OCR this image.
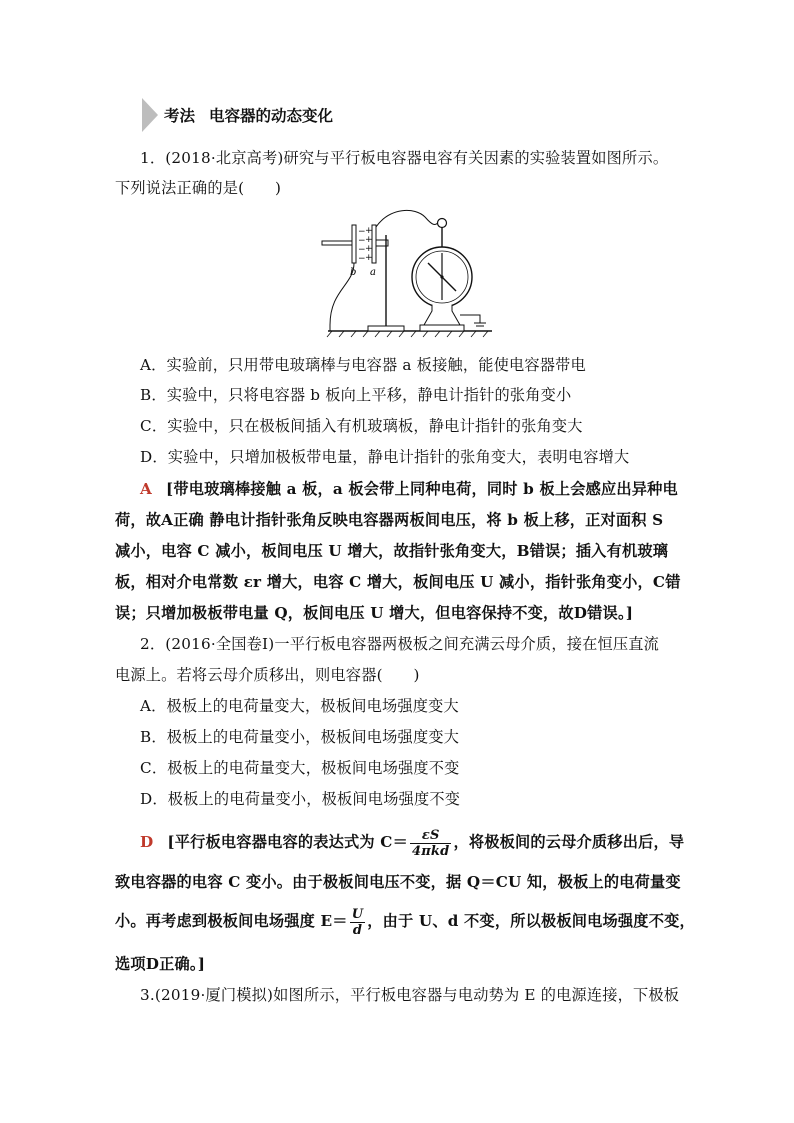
考法 电容器的动态变化
1．(2018·北京高考)研究与平行板电容器电容有关因素的实验装置如图所示。
下列说法正确的是(　　)
+
+
+
+
−
−
−
−
b a
A．实验前，只用带电玻璃棒与电容器 a 板接触，能使电容器带电
B．实验中，只将电容器 b 板向上平移，静电计指针的张角变小
C．实验中，只在极板间插入有机玻璃板，静电计指针的张角变大
D．实验中，只增加极板带电量，静电计指针的张角变大，表明电容增大
A [带电玻璃棒接触 a 板，a 板会带上同种电荷，同时 b 板上会感应出异种电
荷，故A正确 静电计指针张角反映电容器两板间电压，将 b 板上移，正对面积 S
减小，电容 C 减小，板间电压 U 增大，故指针张角变大，B错误；插入有机玻璃
板，相对介电常数 εr 增大，电容 C 增大，板间电压 U 减小，指针张角变小，C错
误；只增加极板带电量 Q，板间电压 U 增大，但电容保持不变，故D错误。]
2．(2016·全国卷Ⅰ)一平行板电容器两极板之间充满云母介质，接在恒压直流
电源上。若将云母介质移出，则电容器(　　)
A．极板上的电荷量变大，极板间电场强度变大
B．极板上的电荷量变小，极板间电场强度变大
C．极板上的电荷量变大，极板间电场强度不变
D．极板上的电荷量变小，极板间电场强度不变
D [平行板电容器电容的表达式为 $C= \frac{\varepsilon S}{\text{4πkd}}$ ，将极板间的云母介质移出后，导
致电容器的电容 C 变小。由于极板间电压不变，据 Q＝CU 知，极板上的电荷量变
小。再考虑到极板间电场强度 $E= \frac{U}{d}$ ，由于 U、d 不变，所以极板间电场强度不变，
选项D正确。]
3.(2019·厦门模拟)如图所示，平行板电容器与电动势为 E 的电源连接，下极板
